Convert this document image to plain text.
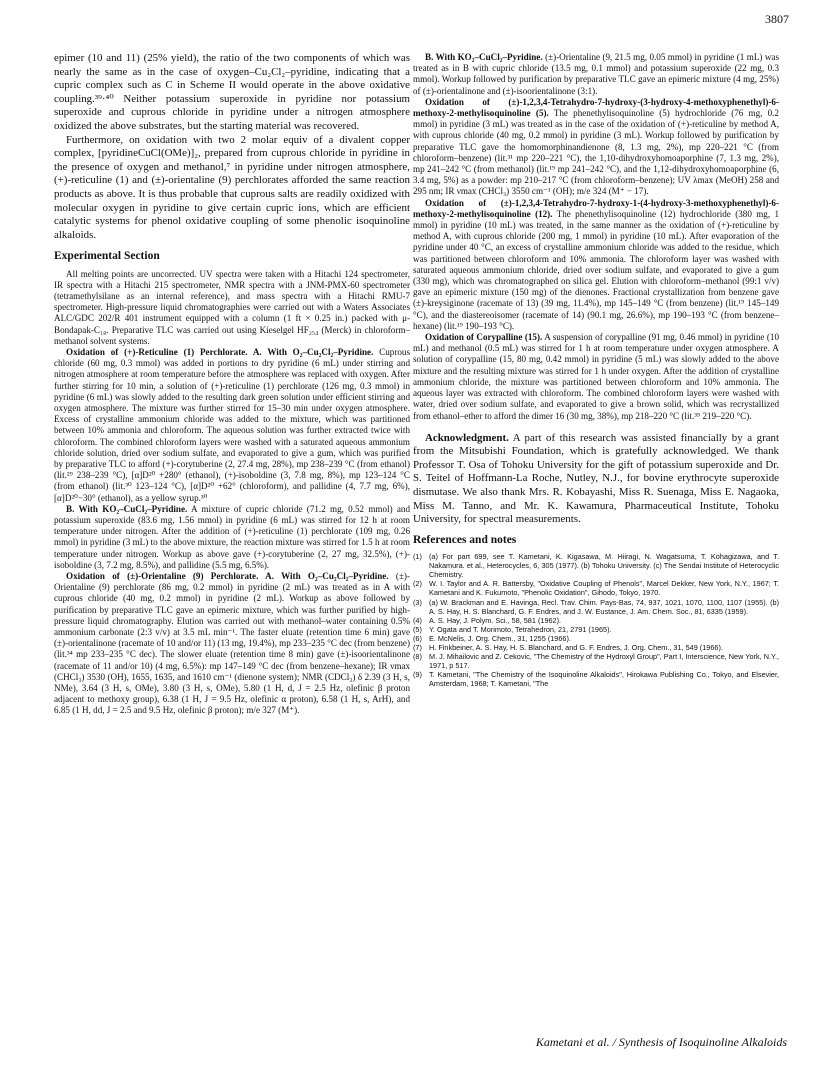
3807

epimer (10 and 11) (25% yield), the ratio of the two components of which was nearly the same as in the case of oxygen–Cu₂Cl₂–pyridine, indicating that a cupric complex such as C in Scheme II would operate in the above oxidative coupling.³⁹·⁴⁰ Neither potassium superoxide in pyridine nor potassium superoxide and cuprous chloride in pyridine under a nitrogen atmosphere oxidized the above substrates, but the starting material was recovered.

Furthermore, on oxidation with two 2 molar equiv of a divalent copper complex, [pyridineCuCl(OMe)]₂, prepared from cuprous chloride in pyridine in the presence of oxygen and methanol,⁷ in pyridine under nitrogen atmosphere, (+)-reticuline (1) and (±)-orientaline (9) perchlorates afforded the same reaction products as above. It is thus probable that cuprous salts are readily oxidized with molecular oxygen in pyridine to give certain cupric ions, which are efficient catalytic systems for phenol oxidative coupling of some phenolic isoquinoline alkaloids.

Experimental Section

All melting points are uncorrected. UV spectra were taken with a Hitachi 124 spectrometer, IR spectra with a Hitachi 215 spectrometer, NMR spectra with a JNM-PMX-60 spectrometer (tetramethylsilane as an internal reference), and mass spectra with a Hitachi RMU-7 spectrometer. High-pressure liquid chromatographies were carried out with a Waters Associates ALC/GDC 202/R 401 instrument equipped with a column (1 ft × 0.25 in.) packed with μ-Bondapak-C₁₈. Preparative TLC was carried out using Kieselgel HF₂₅₄ (Merck) in chloroform–methanol solvent systems.

Oxidation of (+)-Reticuline (1) Perchlorate. A. With O₂–Cu₂Cl₂–Pyridine. Cuprous chloride (60 mg, 0.3 mmol) was added in portions to dry pyridine (6 mL) under stirring and nitrogen atmosphere at room temperature before the atmosphere was replaced with oxygen. After further stirring for 10 min, a solution of (+)-reticuline (1) perchlorate (126 mg, 0.3 mmol) in pyridine (6 mL) was slowly added to the resulting dark green solution under efficient stirring and oxygen atmosphere. The mixture was further stirred for 15–30 min under oxygen atmosphere. Excess of crystalline ammonium chloride was added to the mixture, which was partitioned between 10% ammonia and chloroform. The aqueous solution was further extracted twice with chloroform. The combined chloroform layers were washed with a saturated aqueous ammonium chloride solution, dried over sodium sulfate, and evaporated to give a gum, which was purified by preparative TLC to afford (+)-corytuberine (2, 27.4 mg, 28%), mp 238–239 °C (from ethanol) (lit.²⁹ 238–239 °C), [α]D²⁰ +280° (ethanol), (+)-isoboldine (3, 7.8 mg, 8%), mp 123–124 °C (from ethanol) (lit.³⁰ 123–124 °C), [α]D²⁰ +62° (chloroform), and pallidine (4, 7.7 mg, 6%), [α]D²⁰−30° (ethanol), as a yellow syrup.³⁰

B. With KO₂–CuCl₂–Pyridine. A mixture of cupric chloride (71.2 mg, 0.52 mmol) and potassium superoxide (83.6 mg, 1.56 mmol) in pyridine (6 mL) was stirred for 12 h at room temperature under nitrogen. After the addition of (+)-reticuline (1) perchlorate (109 mg, 0.26 mmol) in pyridine (3 mL) to the above mixture, the reaction mixture was stirred for 1.5 h at room temperature under nitrogen. Workup as above gave (+)-corytuberine (2, 27 mg, 32.5%), (+)-isoboldine (3, 7.2 mg, 8.5%), and pallidine (5.5 mg, 6.5%).

Oxidation of (±)-Orientaline (9) Perchlorate. A. With O₂–Cu₂Cl₂–Pyridine. (±)-Orientaline (9) perchlorate (86 mg, 0.2 mmol) in pyridine (2 mL) was treated as in A with cuprous chloride (40 mg, 0.2 mmol) in pyridine (2 mL). Workup as above followed by purification by preparative TLC gave an epimeric mixture, which was further purified by high-pressure liquid chromatography. Elution was carried out with methanol–water containing 0.5% ammonium carbonate (2:3 v/v) at 3.5 mL min⁻¹. The faster eluate (retention time 6 min) gave (±)-orientalinone (racemate of 10 and/or 11) (13 mg, 19.4%), mp 233–235 °C dec (from benzene) (lit.³⁴ mp 233–235 °C dec). The slower eluate (retention time 8 min) gave (±)-isoorientalinone (racemate of 11 and/or 10) (4 mg, 6.5%): mp 147–149 °C dec (from benzene–hexane); IR νmax (CHCl₃) 3530 (OH), 1655, 1635, and 1610 cm⁻¹ (dienone system); NMR (CDCl₃) δ 2.39 (3 H, s, NMe), 3.64 (3 H, s, OMe), 3.80 (3 H, s, OMe), 5.80 (1 H, d, J = 2.5 Hz, olefinic β proton adjacent to methoxy group), 6.38 (1 H, J = 9.5 Hz, olefinic α proton), 6.58 (1 H, s, ArH), and 6.85 (1 H, dd, J = 2.5 and 9.5 Hz, olefinic β proton); m/e 327 (M⁺).

B. With KO₂–CuCl₂–Pyridine. (±)-Orientaline (9, 21.5 mg, 0.05 mmol) in pyridine (1 mL) was treated as in B with cupric chloride (13.5 mg, 0.1 mmol) and potassium superoxide (22 mg, 0.3 mmol). Workup followed by purification by preparative TLC gave an epimeric mixture (4 mg, 25%) of (±)-orientalinone and (±)-isoorientalinone (3:1).

Oxidation of (±)-1,2,3,4-Tetrahydro-7-hydroxy-(3-hydroxy-4-methoxyphenethyl)-6-methoxy-2-methylisoquinoline (5). The phenethylisoquinoline (5) hydrochloride (76 mg, 0.2 mmol) in pyridine (3 mL) was treated as in the case of the oxidation of (+)-reticuline by method A, with cuprous chloride (40 mg, 0.2 mmol) in pyridine (3 mL). Workup followed by purification by preparative TLC gave the homomorphinandienone (8, 1.3 mg, 2%), mp 220–221 °C (from chloroform–benzene) (lit.³¹ mp 220–221 °C), the 1,10-dihydroxyhomoaporphine (7, 1.3 mg, 2%), mp 241–242 °C (from methanol) (lit.¹⁹ mp 241–242 °C), and the 1,12-dihydroxyhomoaporphine (6, 3.4 mg, 5%) as a powder: mp 210–217 °C (from chloroform–benzene); UV λmax (MeOH) 258 and 295 nm; IR νmax (CHCl₃) 3550 cm⁻¹ (OH); m/e 324 (M⁺ − 17).

Oxidation of (±)-1,2,3,4-Tetrahydro-7-hydroxy-1-(4-hydroxy-3-methoxyphenethyl)-6-methoxy-2-methylisoquinoline (12). The phenethylisoquinoline (12) hydrochloride (380 mg, 1 mmol) in pyridine (10 mL) was treated, in the same manner as the oxidation of (+)-reticuline by method A, with cuprous chloride (200 mg, 1 mmol) in pyridine (10 mL). After evaporation of the pyridine under 40 °C, an excess of crystalline ammonium chloride was added to the residue, which was partitioned between chloroform and 10% ammonia. The chloroform layer was washed with saturated aqueous ammonium chloride, dried over sodium sulfate, and evaporated to give a gum (330 mg), which was chromatographed on silica gel. Elution with chloroform–methanol (99:1 v/v) gave an epimeric mixture (150 mg) of the dienones. Fractional crystallization from benzene gave (±)-kreysiginone (racemate of 13) (39 mg, 11.4%), mp 145–149 °C (from benzene) (lit.¹⁹ 145–149 °C), and the diastereoisomer (racemate of 14) (90.1 mg, 26.6%), mp 190–193 °C (from benzene–hexane) (lit.¹⁹ 190–193 °C).

Oxidation of Corypalline (15). A suspension of corypalline (91 mg, 0.46 mmol) in pyridine (10 mL) and methanol (0.5 mL) was stirred for 1 h at room temperature under oxygen atmosphere. A solution of corypalline (15, 80 mg, 0.42 mmol) in pyridine (5 mL) was slowly added to the above mixture and the resulting mixture was stirred for 1 h under oxygen. After the addition of crystalline ammonium chloride, the mixture was partitioned between chloroform and 10% ammonia. The aqueous layer was extracted with chloroform. The combined chloroform layers were washed with water, dried over sodium sulfate, and evaporated to give a brown solid, which was recrystallized from ethanol–ether to afford the dimer 16 (30 mg, 38%), mp 218–220 °C (lit.³⁵ 219–220 °C).

Acknowledgment. A part of this research was assisted financially by a grant from the Mitsubishi Foundation, which is gratefully acknowledged. We thank Professor T. Osa of Tohoku University for the gift of potassium superoxide and Dr. S. Teitel of Hoffmann-La Roche, Nutley, N.J., for bovine erythrocyte superoxide dismutase. We also thank Mrs. R. Kobayashi, Miss R. Suenaga, Miss E. Nagaoka, Miss M. Tanno, and Mr. K. Kawamura, Pharmaceutical Institute, Tohoku University, for spectral measurements.

References and notes
(1) (a) For part 699, see T. Kametani, K. Kigasawa, M. Hiiragi, N. Wagatsuma, T. Kohagizawa, and T. Nakamura. et al., Heterocycles, 6, 305 (1977). (b) Tohoku University. (c) The Sendai Institute of Heterocyclic Chemistry.
(2) W. I. Taylor and A. R. Battersby, "Oxidative Coupling of Phenols", Marcel Dekker, New York, N.Y., 1967; T. Kametani and K. Fukumoto, "Phenolic Oxidation", Gihodo, Tokyo, 1970.
(3) (a) W. Brackman and E. Havinga, Recl. Trav. Chim. Pays-Bas, 74, 937, 1021, 1070, 1100, 1107 (1955). (b) A. S. Hay, H. S. Blanchard, G. F. Endres, and J. W. Eustance, J. Am. Chem. Soc., 81, 6335 (1959).
(4) A. S. Hay, J. Polym. Sci., 58, 581 (1962).
(5) Y. Ogata and T. Morimoto, Tetrahedron, 21, 2791 (1965).
(6) E. McNelis, J. Org. Chem., 31, 1255 (1966).
(7) H. Finkbeiner, A. S. Hay, H. S. Blanchard, and G. F. Endres, J. Org. Chem., 31, 549 (1966).
(8) M. J. Mihailovic and Z. Cekovic, "The Chemistry of the Hydroxyl Group", Part I, Interscience, New York, N.Y., 1971, p 517.
(9) T. Kametani, "The Chemistry of the Isoquinoline Alkaloids", Hirokawa Publishing Co., Tokyo, and Elsevier, Amsterdam, 1968; T. Kametani, "The
Kametani et al. / Synthesis of Isoquinoline Alkaloids
